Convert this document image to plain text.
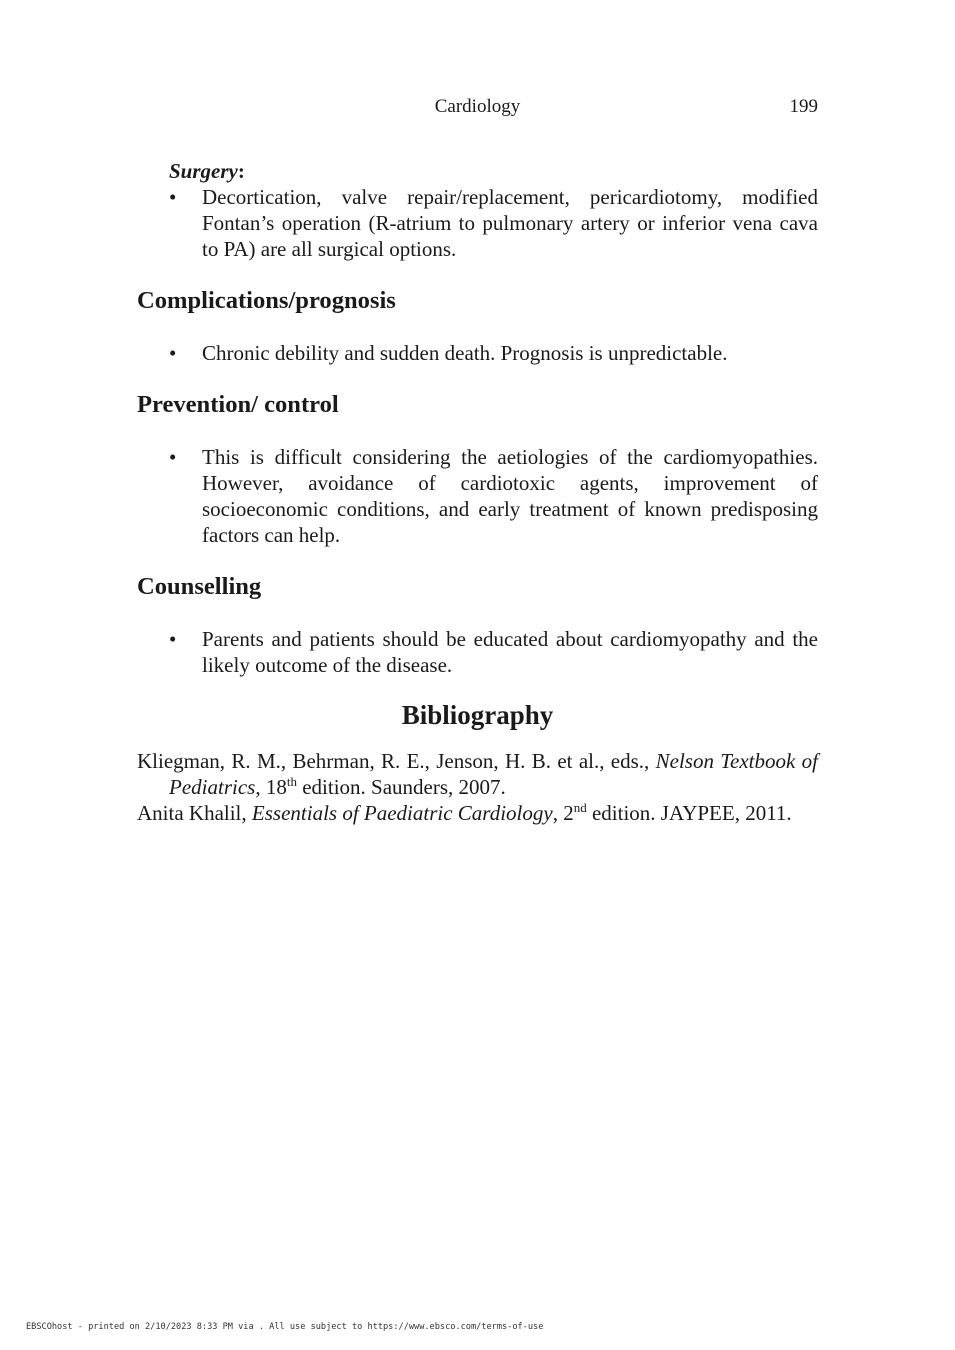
Cardiology	199
Surgery:
• Decortication, valve repair/replacement, pericardiotomy, modified Fontan’s operation (R-atrium to pulmonary artery or inferior vena cava to PA) are all surgical options.
Complications/prognosis
• Chronic debility and sudden death. Prognosis is unpredictable.
Prevention/ control
• This is difficult considering the aetiologies of the cardiomyopathies. However, avoidance of cardiotoxic agents, improvement of socioeconomic conditions, and early treatment of known predisposing factors can help.
Counselling
• Parents and patients should be educated about cardiomyopathy and the likely outcome of the disease.
Bibliography
Kliegman, R. M., Behrman, R. E., Jenson, H. B. et al., eds., Nelson Textbook of Pediatrics, 18th edition. Saunders, 2007.
Anita Khalil, Essentials of Paediatric Cardiology, 2nd edition. JAYPEE, 2011.
EBSCOhost - printed on 2/10/2023 8:33 PM via . All use subject to https://www.ebsco.com/terms-of-use
